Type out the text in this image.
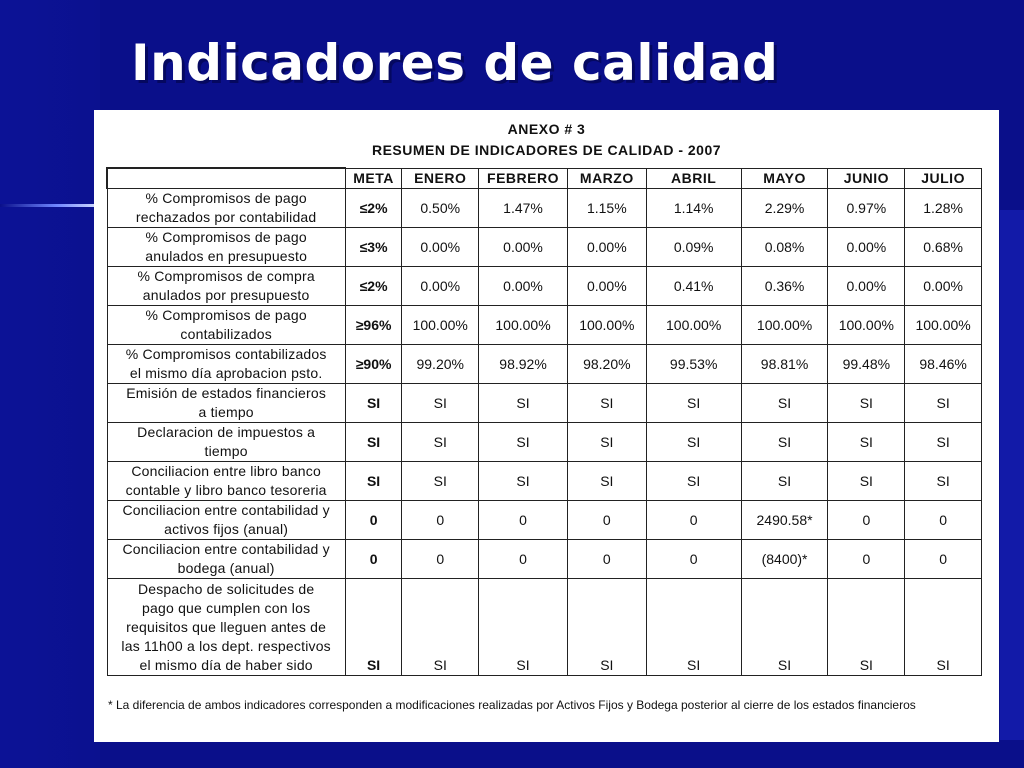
Indicadores de calidad
ANEXO # 3
RESUMEN DE INDICADORES DE CALIDAD - 2007
	META	ENERO	FEBRERO	MARZO	ABRIL	MAYO	JUNIO	JULIO

% Compromisos de pago
rechazados por contabilidad	≤2%	0.50%	1.47%	1.15%	1.14%	2.29%	0.97%	1.28%

% Compromisos de pago
anulados en presupuesto	≤3%	0.00%	0.00%	0.00%	0.09%	0.08%	0.00%	0.68%

% Compromisos de compra
anulados por presupuesto	≤2%	0.00%	0.00%	0.00%	0.41%	0.36%	0.00%	0.00%

% Compromisos de pago
contabilizados	≥96%	100.00%	100.00%	100.00%	100.00%	100.00%	100.00%	100.00%

% Compromisos contabilizados
el mismo día aprobacion psto.	≥90%	99.20%	98.92%	98.20%	99.53%	98.81%	99.48%	98.46%

Emisión de estados financieros
a tiempo	SI	SI	SI	SI	SI	SI	SI	SI

Declaracion de impuestos a
tiempo	SI	SI	SI	SI	SI	SI	SI	SI

Conciliacion entre libro banco
contable y libro banco tesoreria	SI	SI	SI	SI	SI	SI	SI	SI

Conciliacion entre contabilidad y
activos fijos (anual)	0	0	0	0	0	2490.58*	0	0

Conciliacion entre contabilidad y
bodega (anual)	0	0	0	0	0	(8400)*	0	0

Despacho de solicitudes de
pago que cumplen con los
requisitos que lleguen antes de
las 11h00 a los dept. respectivos
el mismo día de haber sido	SI	SI	SI	SI	SI	SI	SI	SI
* La diferencia de ambos indicadores corresponden a modificaciones realizadas por Activos Fijos y Bodega posterior al cierre de los estados financieros
